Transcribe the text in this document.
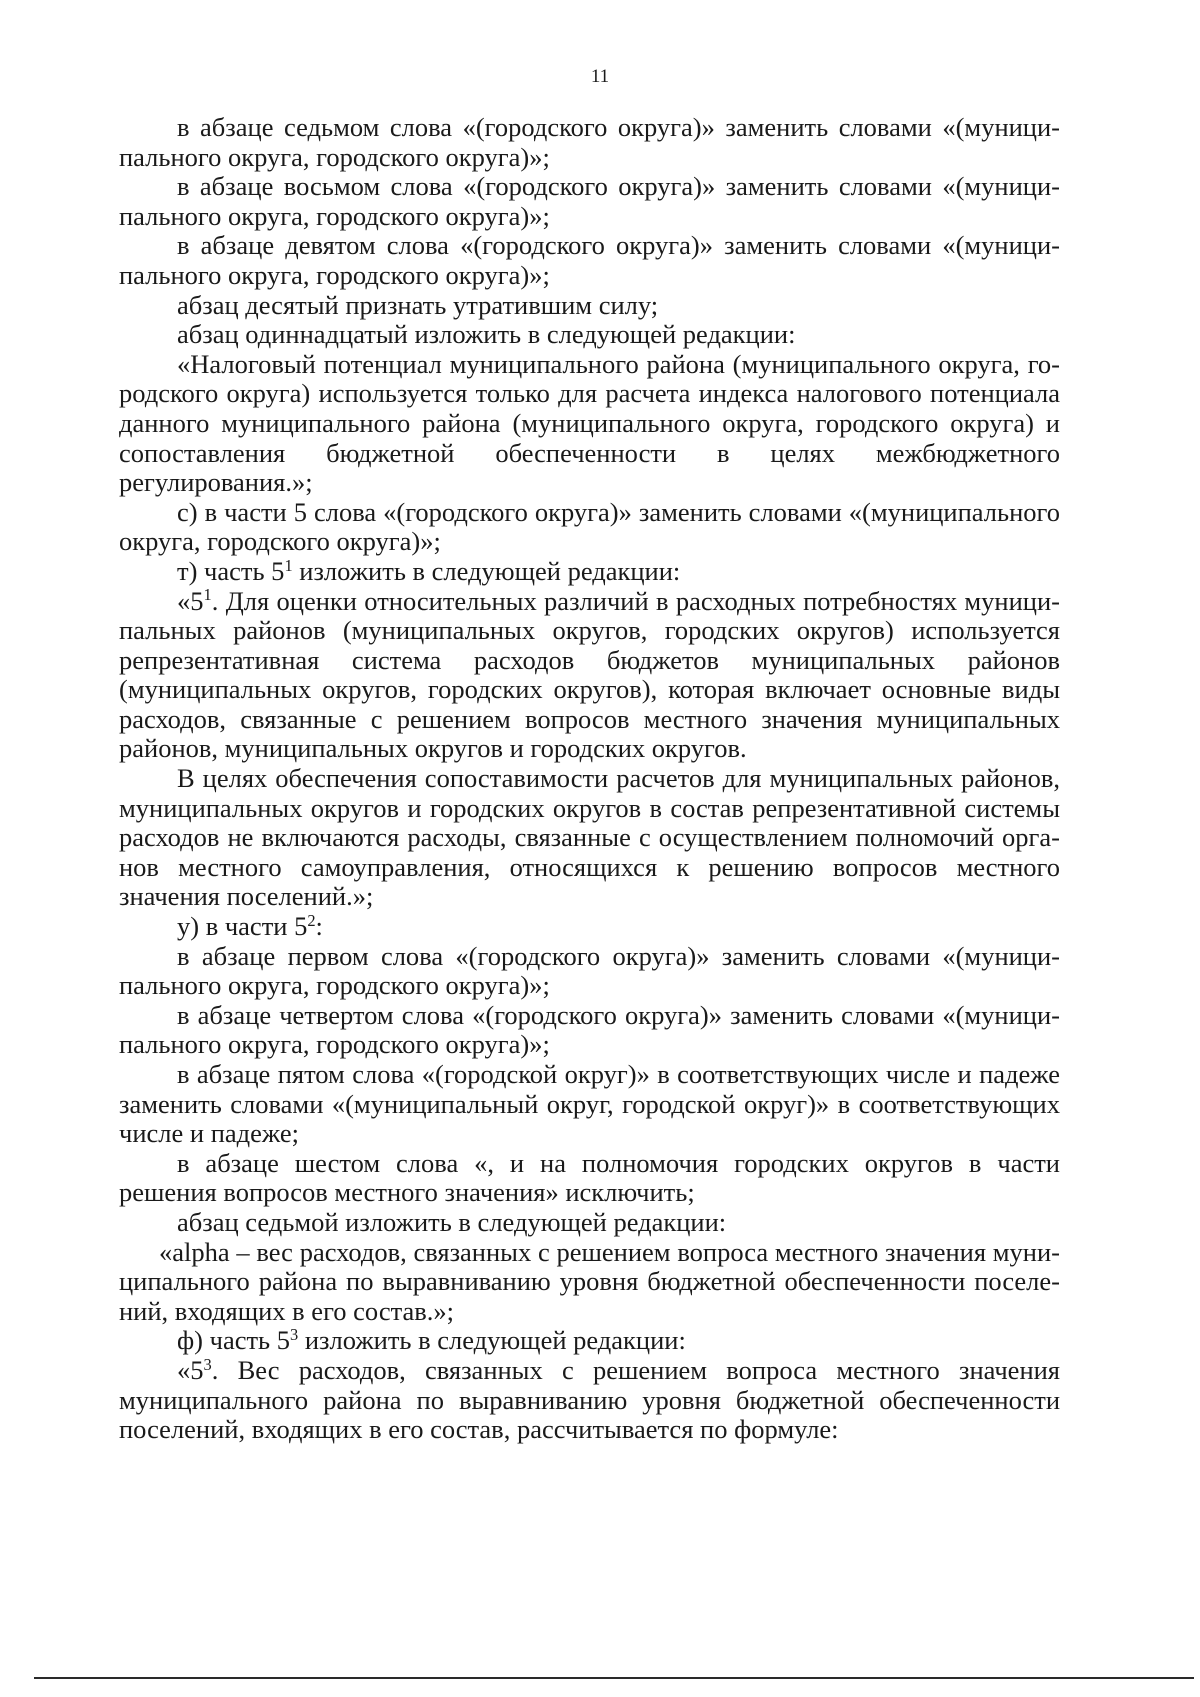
11

в абзаце седьмом слова «(городского округа)» заменить словами «(муниципального округа, городского округа)»;

в абзаце восьмом слова «(городского округа)» заменить словами «(муниципального округа, городского округа)»;

в абзаце девятом слова «(городского округа)» заменить словами «(муниципального округа, городского округа)»;

абзац десятый признать утратившим силу;

абзац одиннадцатый изложить в следующей редакции:

«Налоговый потенциал муниципального района (муниципального округа, городского округа) используется только для расчета индекса налогового потенциала данного муниципального района (муниципального округа, городского округа) и сопоставления бюджетной обеспеченности в целях межбюджетного регулирования.»;

с) в части 5 слова «(городского округа)» заменить словами «(муниципального округа, городского округа)»;

т) часть $5^1$ изложить в следующей редакции:

«$5^1$. Для оценки относительных различий в расходных потребностях муниципальных районов (муниципальных округов, городских округов) используется репрезентативная система расходов бюджетов муниципальных районов (муниципальных округов, городских округов), которая включает основные виды расходов, связанные с решением вопросов местного значения муниципальных районов, муниципальных округов и городских округов.

В целях обеспечения сопоставимости расчетов для муниципальных районов, муниципальных округов и городских округов в состав репрезентативной системы расходов не включаются расходы, связанные с осуществлением полномочий органов местного самоуправления, относящихся к решению вопросов местного значения поселений.»;

у) в части $5^2$:

в абзаце первом слова «(городского округа)» заменить словами «(муниципального округа, городского округа)»;

в абзаце четвертом слова «(городского округа)» заменить словами «(муниципального округа, городского округа)»;

в абзаце пятом слова «(городской округ)» в соответствующих числе и падеже заменить словами «(муниципальный округ, городской округ)» в соответствующих числе и падеже;

в абзаце шестом слова «, и на полномочия городских округов в части решения вопросов местного значения» исключить;

абзац седьмой изложить в следующей редакции:

«alpha – вес расходов, связанных с решением вопроса местного значения муниципального района по выравниванию уровня бюджетной обеспеченности поселений, входящих в его состав.»;

ф) часть $5^3$ изложить в следующей редакции:

«$5^3$. Вес расходов, связанных с решением вопроса местного значения муниципального района по выравниванию уровня бюджетной обеспеченности поселений, входящих в его состав, рассчитывается по формуле:
